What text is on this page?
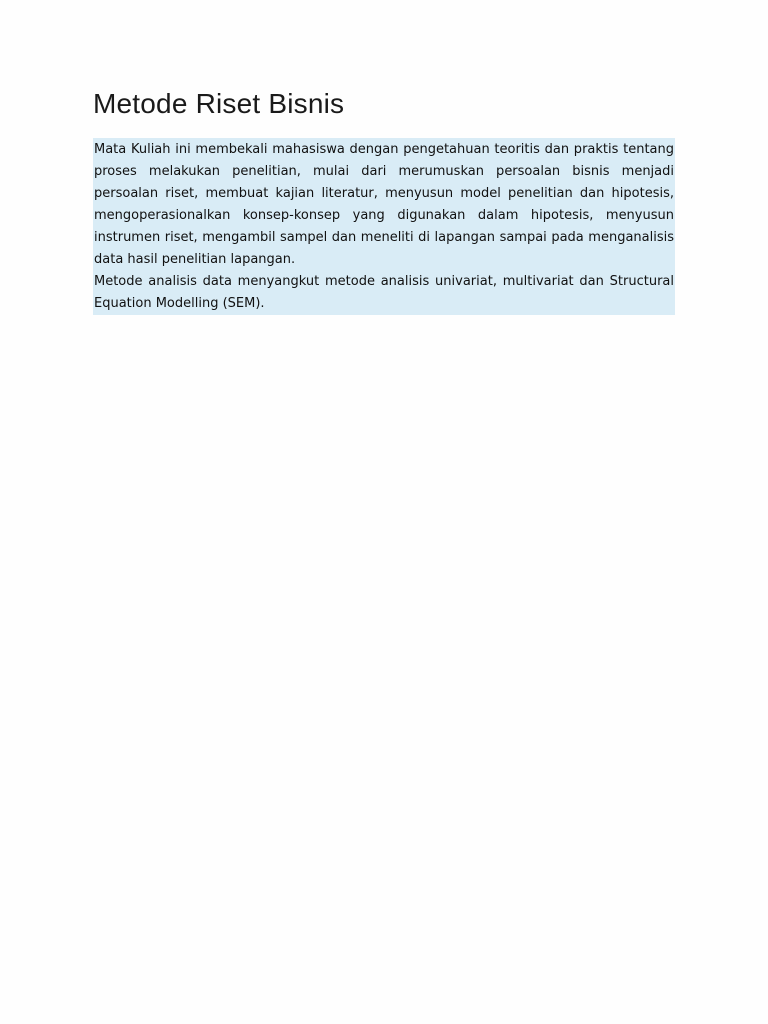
Metode Riset Bisnis

Mata Kuliah ini membekali mahasiswa dengan pengetahuan teoritis dan praktis tentang proses melakukan penelitian, mulai dari merumuskan persoalan bisnis menjadi persoalan riset, membuat kajian literatur, menyusun model penelitian dan hipotesis, mengoperasionalkan konsep-konsep yang digunakan dalam hipotesis, menyusun instrumen riset, mengambil sampel dan meneliti di lapangan sampai pada menganalisis data hasil penelitian lapangan.

Metode analisis data menyangkut metode analisis univariat, multivariat dan Structural Equation Modelling (SEM).
